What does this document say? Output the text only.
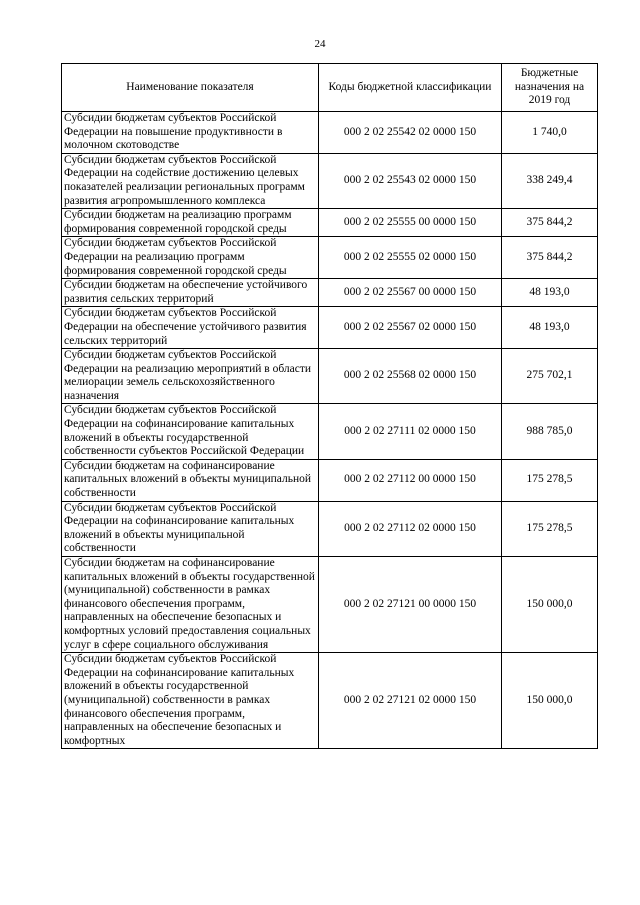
24
Наименование показателя	Коды бюджетной классификации	Бюджетные назначения на 2019 год
Субсидии бюджетам субъектов Российской Федерации на повышение продуктивности в молочном скотоводстве	000 2 02 25542 02 0000 150	1 740,0
Субсидии бюджетам субъектов Российской Федерации на содействие достижению целевых показателей реализации региональных программ развития агропромышленного комплекса	000 2 02 25543 02 0000 150	338 249,4
Субсидии бюджетам на реализацию программ формирования современной городской среды	000 2 02 25555 00 0000 150	375 844,2
Субсидии бюджетам субъектов Российской Федерации на реализацию программ формирования современной городской среды	000 2 02 25555 02 0000 150	375 844,2
Субсидии бюджетам на обеспечение устойчивого развития сельских территорий	000 2 02 25567 00 0000 150	48 193,0
Субсидии бюджетам субъектов Российской Федерации на обеспечение устойчивого развития сельских территорий	000 2 02 25567 02 0000 150	48 193,0
Субсидии бюджетам субъектов Российской Федерации на реализацию мероприятий в области мелиорации земель сельскохозяйственного назначения	000 2 02 25568 02 0000 150	275 702,1
Субсидии бюджетам субъектов Российской Федерации на софинансирование капитальных вложений в объекты государственной собственности субъектов Российской Федерации	000 2 02 27111 02 0000 150	988 785,0
Субсидии бюджетам на софинансирование капитальных вложений в объекты муниципальной собственности	000 2 02 27112 00 0000 150	175 278,5
Субсидии бюджетам субъектов Российской Федерации на софинансирование капитальных вложений в объекты муниципальной собственности	000 2 02 27112 02 0000 150	175 278,5
Субсидии бюджетам на софинансирование капитальных вложений в объекты государственной (муниципальной) собственности в рамках финансового обеспечения программ, направленных на обеспечение безопасных и комфортных условий предоставления социальных услуг в сфере социального обслуживания	000 2 02 27121 00 0000 150	150 000,0
Субсидии бюджетам субъектов Российской Федерации на софинансирование капитальных вложений в объекты государственной (муниципальной) собственности в рамках финансового обеспечения программ, направленных на обеспечение безопасных и комфортных	000 2 02 27121 02 0000 150	150 000,0
